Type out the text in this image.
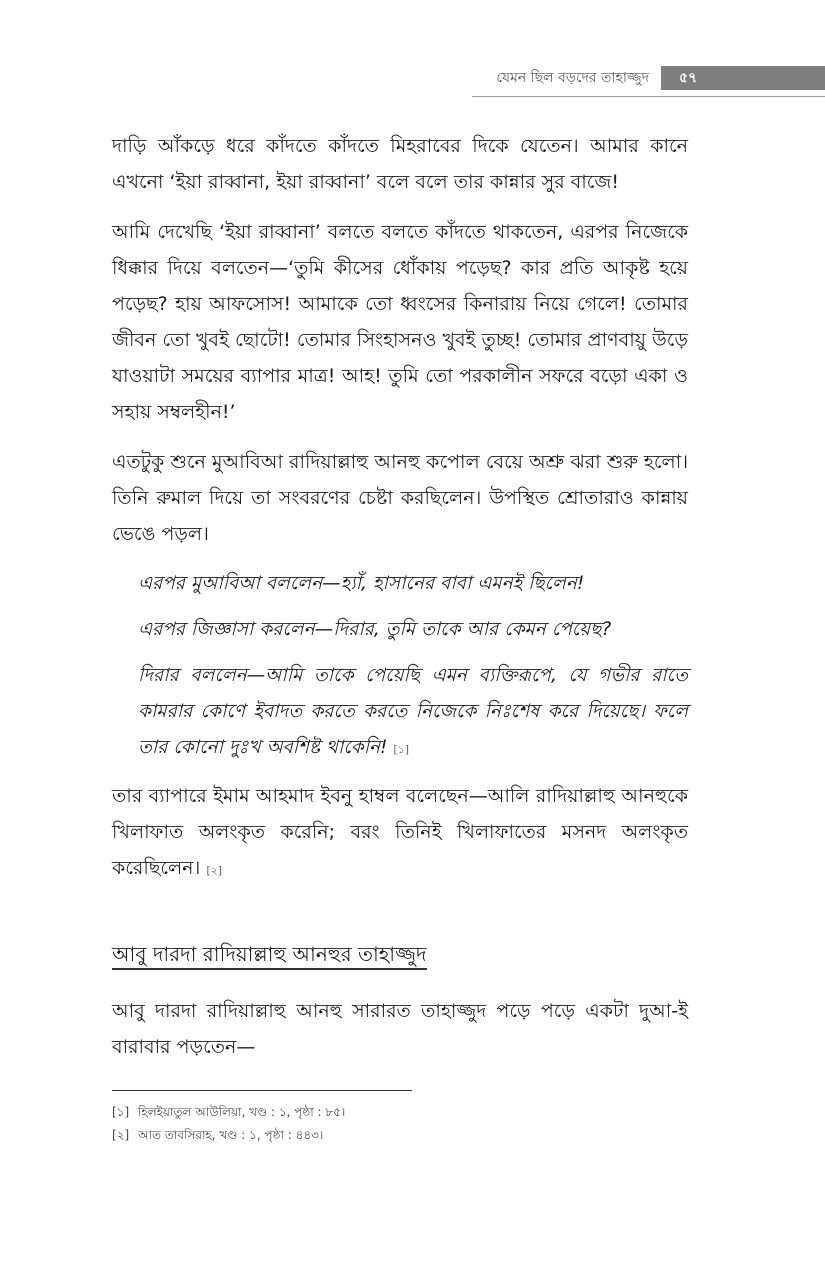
যেমন ছিল বড়দের তাহাজ্জুদ	৫৭

দাড়ি আঁকড়ে ধরে কাঁদতে কাঁদতে মিহরাবের দিকে যেতেন। আমার কানে এখনো ‘ইয়া রাব্বানা, ইয়া রাব্বানা’ বলে বলে তার কান্নার সুর বাজে!

আমি দেখেছি ‘ইয়া রাব্বানা’ বলতে বলতে কাঁদতে থাকতেন, এরপর নিজেকে ধিক্কার দিয়ে বলতেন—‘তুমি কীসের ধোঁকায় পড়েছ? কার প্রতি আকৃষ্ট হয়ে পড়েছ? হায় আফসোস! আমাকে তো ধ্বংসের কিনারায় নিয়ে গেলে! তোমার জীবন তো খুবই ছোটো! তোমার সিংহাসনও খুবই তুচ্ছ! তোমার প্রাণবায়ু উড়ে যাওয়াটা সময়ের ব্যাপার মাত্র! আহ! তুমি তো পরকালীন সফরে বড়ো একা ও সহায় সম্বলহীন!’

এতটুকু শুনে মুআবিআ রাদিয়াল্লাহু আনহু কপোল বেয়ে অশ্রু ঝরা শুরু হলো। তিনি রুমাল দিয়ে তা সংবরণের চেষ্টা করছিলেন। উপস্থিত শ্রোতারাও কান্নায় ভেঙে পড়ল।

এরপর মুআবিআ বললেন—হ্যাঁ, হাসানের বাবা এমনই ছিলেন!

এরপর জিজ্ঞাসা করলেন—দিরার, তুমি তাকে আর কেমন পেয়েছ?

দিরার বললেন—আমি তাকে পেয়েছি এমন ব্যক্তিরূপে, যে গভীর রাতে কামরার কোণে ইবাদত করতে করতে নিজেকে নিঃশেষ করে দিয়েছে। ফলে তার কোনো দুঃখ অবশিষ্ট থাকেনি! [১]

তার ব্যাপারে ইমাম আহমাদ ইবনু হাম্বল বলেছেন—আলি রাদিয়াল্লাহু আনহুকে খিলাফাত অলংকৃত করেনি; বরং তিনিই খিলাফাতের মসনদ অলংকৃত করেছিলেন। [২]

আবু দারদা রাদিয়াল্লাহু আনহুর তাহাজ্জুদ

আবু দারদা রাদিয়াল্লাহু আনহু সারারত তাহাজ্জুদ পড়ে পড়ে একটা দুআ-ই বারাবার পড়তেন—

[১] হিলইয়াতুল আউলিয়া, খণ্ড : ১, পৃষ্ঠা : ৮৫।
[২] আত তাবসিরাহ, খণ্ড : ১, পৃষ্ঠা : ৪৪৩।
